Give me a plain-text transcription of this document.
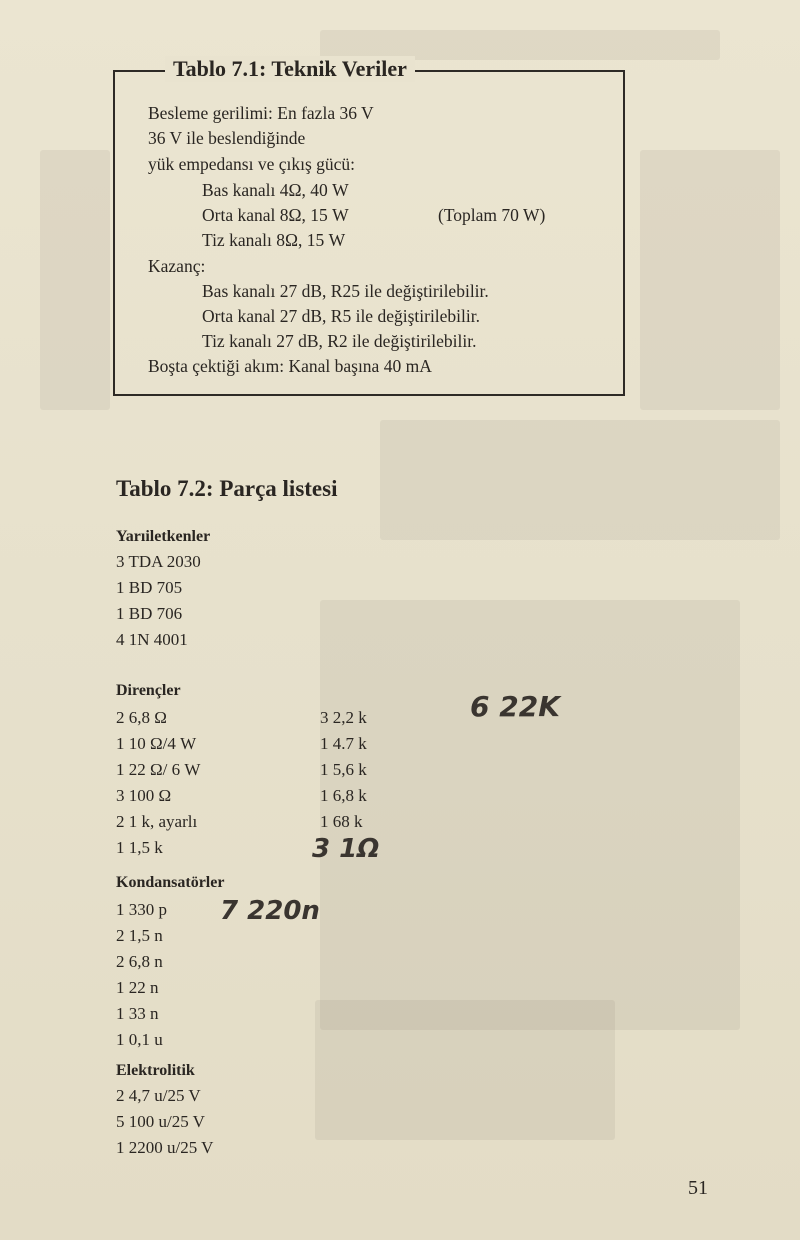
Tablo 7.1: Teknik Veriler
Besleme gerilimi: En fazla 36 V
36 V ile beslendiğinde
yük empedansı ve çıkış gücü:
Bas kanalı 4Ω, 40 W
Orta kanal 8Ω, 15 W	(Toplam 70 W)
Tiz kanalı 8Ω, 15 W
Kazanç:
Bas kanalı 27 dB, R25 ile değiştirilebilir.
Orta kanal 27 dB, R5 ile değiştirilebilir.
Tiz kanalı 27 dB, R2 ile değiştirilebilir.
Boşta çektiği akım: Kanal başına 40 mA
Tablo 7.2: Parça listesi
Yarıiletkenler
3 TDA 2030
1 BD 705
1 BD 706
4 1N 4001
Dirençler
2 6,8 Ω
1 10 Ω/4 W
1 22 Ω/ 6 W
3 100 Ω
2 1 k, ayarlı
1 1,5 k
3 2,2 k
1 4.7 k
1 5,6 k
1 6,8 k
1 68 k
Kondansatörler
1 330 p
2 1,5 n
2 6,8 n
1 22 n
1 33 n
1 0,1 u
Elektrolitik
2 4,7 u/25 V
5 100 u/25 V
1 2200 u/25 V
6 22K
3 1Ω
7 220n
51
